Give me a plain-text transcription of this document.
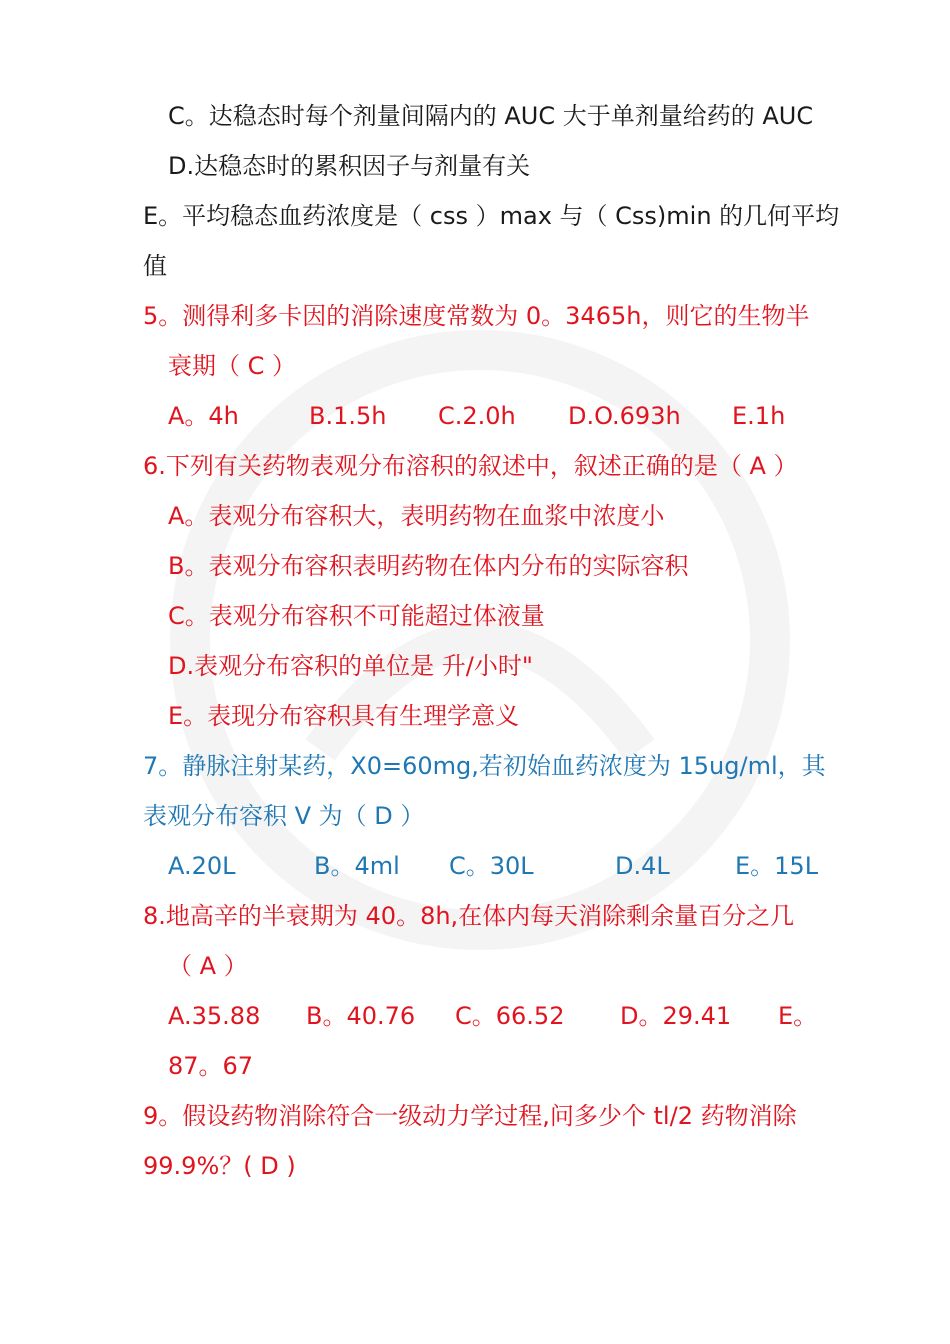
C。达稳态时每个剂量间隔内的 AUC 大于单剂量给药的 AUC
D.达稳态时的累积因子与剂量有关
E。平均稳态血药浓度是（ css ）max 与（ Css)min 的几何平均
值
5。测得利多卡因的消除速度常数为 0。3465h，则它的生物半
衰期（ C ）
A。4h	B.1.5h C.2.0h D.O.693h E.1h
6.下列有关药物表观分布溶积的叙述中，叙述正确的是（ A ）
A。表观分布容积大，表明药物在血浆中浓度小
B。表观分布容积表明药物在体内分布的实际容积
C。表观分布容积不可能超过体液量
D.表观分布容积的单位是 升/小时"
E。表现分布容积具有生理学意义
7。静脉注射某药，X0=60mg,若初始血药浓度为 15ug/ml，其
表观分布容积 V 为（ D ）
A.20L	B。4ml C。30L	D.4L	E。15L
8.地高辛的半衰期为 40。8h,在体内每天消除剩余量百分之几
（ A ）
A.35.88 B。40.76 C。66.52 D。29.41 E。
87。67
9。假设药物消除符合一级动力学过程,问多少个 tl/2 药物消除
99.9%？( D )
